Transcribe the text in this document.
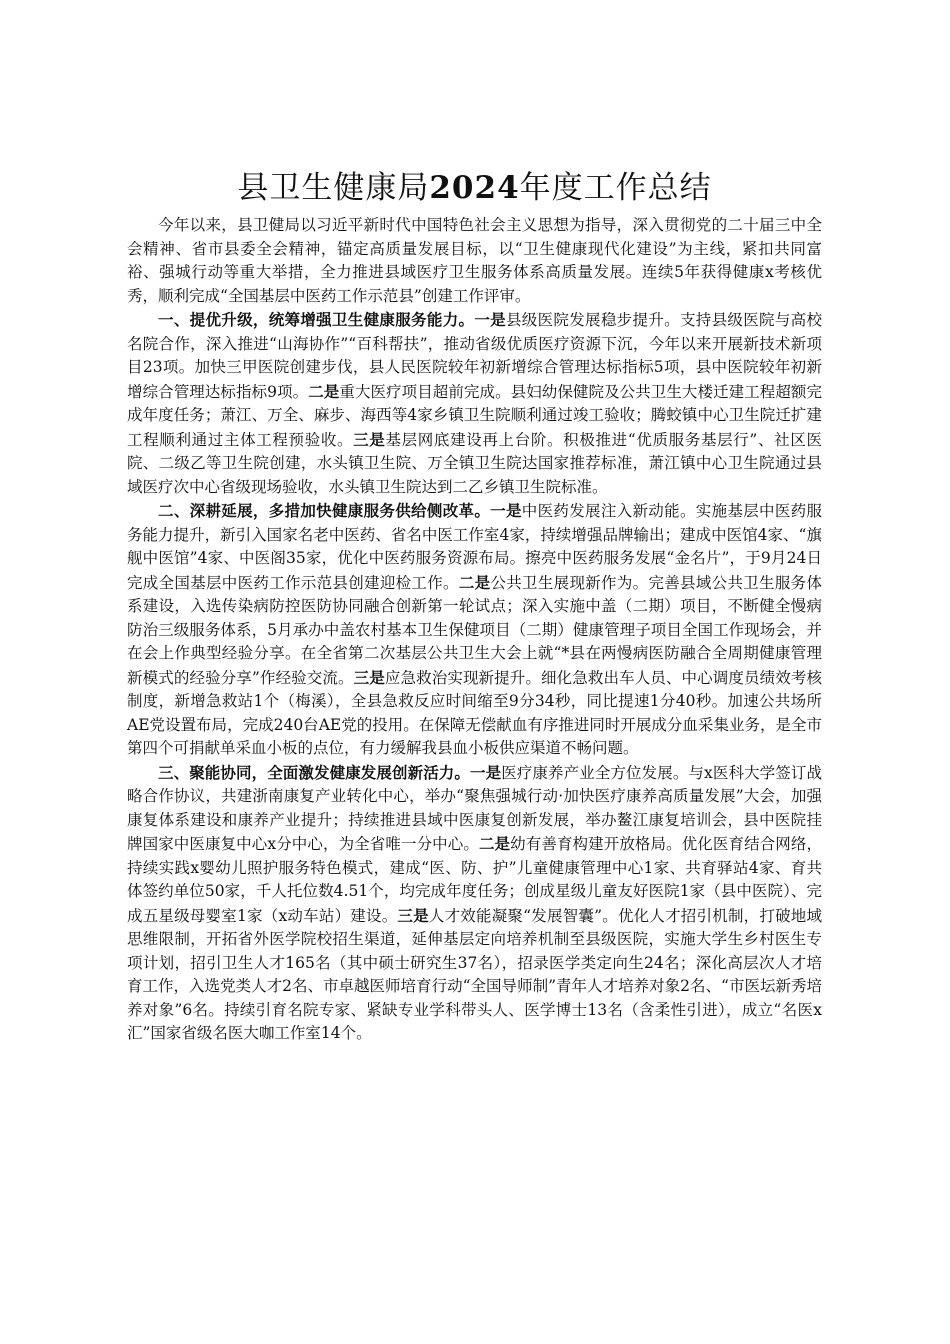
县卫生健康局2024年度工作总结

今年以来，县卫健局以习近平新时代中国特色社会主义思想为指导，深入贯彻党的二十届三中全会精神、省市县委全会精神，锚定高质量发展目标，以“卫生健康现代化建设”为主线，紧扣共同富裕、强城行动等重大举措，全力推进县域医疗卫生服务体系高质量发展。连续5年获得健康x考核优秀，顺利完成“全国基层中医药工作示范县”创建工作评审。

一、提优升级，统筹增强卫生健康服务能力。一是县级医院发展稳步提升。支持县级医院与高校名院合作，深入推进“山海协作”“百科帮扶”，推动省级优质医疗资源下沉，今年以来开展新技术新项目23项。加快三甲医院创建步伐，县人民医院较年初新增综合管理达标指标5项，县中医院较年初新增综合管理达标指标9项。二是重大医疗项目超前完成。县妇幼保健院及公共卫生大楼迁建工程超额完成年度任务；萧江、万全、麻步、海西等4家乡镇卫生院顺利通过竣工验收；腾蛟镇中心卫生院迁扩建工程顺利通过主体工程预验收。三是基层网底建设再上台阶。积极推进“优质服务基层行”、社区医院、二级乙等卫生院创建，水头镇卫生院、万全镇卫生院达国家推荐标准，萧江镇中心卫生院通过县域医疗次中心省级现场验收，水头镇卫生院达到二乙乡镇卫生院标准。

二、深耕延展，多措加快健康服务供给侧改革。一是中医药发展注入新动能。实施基层中医药服务能力提升，新引入国家名老中医药、省名中医工作室4家，持续增强品牌输出；建成中医馆4家、“旗舰中医馆”4家、中医阁35家，优化中医药服务资源布局。擦亮中医药服务发展“金名片”，于9月24日完成全国基层中医药工作示范县创建迎检工作。二是公共卫生展现新作为。完善县域公共卫生服务体系建设，入选传染病防控医防协同融合创新第一轮试点；深入实施中盖（二期）项目，不断健全慢病防治三级服务体系，5月承办中盖农村基本卫生保健项目（二期）健康管理子项目全国工作现场会，并在会上作典型经验分享。在全省第二次基层公共卫生大会上就“*县在两慢病医防融合全周期健康管理新模式的经验分享”作经验交流。三是应急救治实现新提升。细化急救出车人员、中心调度员绩效考核制度，新增急救站1个（梅溪），全县急救反应时间缩至9分34秒，同比提速1分40秒。加速公共场所AE党设置布局，完成240台AE党的投用。在保障无偿献血有序推进同时开展成分血采集业务，是全市第四个可捐献单采血小板的点位，有力缓解我县血小板供应渠道不畅问题。

三、聚能协同，全面激发健康发展创新活力。一是医疗康养产业全方位发展。与x医科大学签订战略合作协议，共建浙南康复产业转化中心，举办“聚焦强城行动·加快医疗康养高质量发展”大会，加强康复体系建设和康养产业提升；持续推进县域中医康复创新发展，举办鳌江康复培训会，县中医院挂牌国家中医康复中心x分中心，为全省唯一分中心。二是幼有善育构建开放格局。优化医育结合网络，持续实践x婴幼儿照护服务特色模式，建成“医、防、护”儿童健康管理中心1家、共育驿站4家、育共体签约单位50家，千人托位数4.51个，均完成年度任务；创成星级儿童友好医院1家（县中医院）、完成五星级母婴室1家（x动车站）建设。三是人才效能凝聚“发展智囊”。优化人才招引机制，打破地域思维限制，开拓省外医学院校招生渠道，延伸基层定向培养机制至县级医院，实施大学生乡村医生专项计划，招引卫生人才165名（其中硕士研究生37名），招录医学类定向生24名；深化高层次人才培育工作，入选党类人才2名、市卓越医师培育行动“全国导师制”青年人才培养对象2名、“市医坛新秀培养对象”6名。持续引育名院专家、紧缺专业学科带头人、医学博士13名（含柔性引进），成立“名医x汇”国家省级名医大咖工作室14个。
